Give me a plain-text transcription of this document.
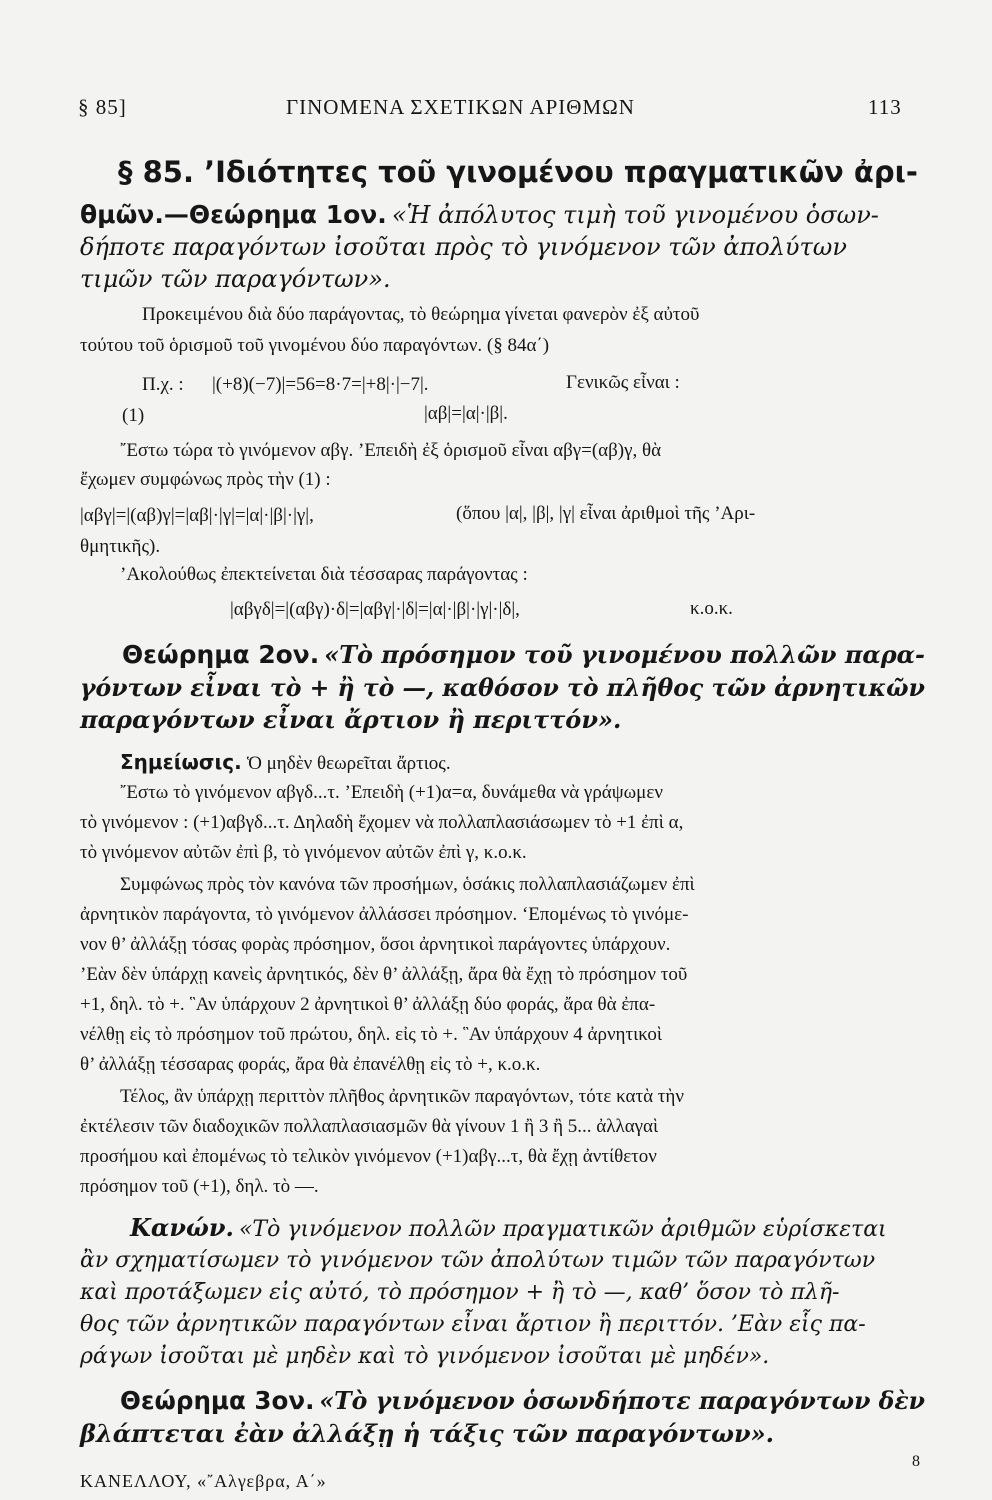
§ 85]	ΓΙΝΟΜΕΝΑ ΣΧΕΤΙΚΩΝ ΑΡΙΘΜΩΝ	113
§ 85. ’Ιδιότητες τοῦ γινομένου πραγματικῶν ἀρι-
θμῶν.—Θεώρημα 1ον. «Ἡ ἀπόλυτος τιμὴ τοῦ γινομένου ὁσων-
δήποτε παραγόντων ἰσοῦται πρὸς τὸ γινόμενον τῶν ἀπολύτων
τιμῶν τῶν παραγόντων».
Προκειμένου διὰ δύο παράγοντας, τὸ θεώρημα γίνεται φανερὸν ἐξ αὐτοῦ
τούτου τοῦ ὁρισμοῦ τοῦ γινομένου δύο παραγόντων. (§ 84α΄)
Π.χ. : |(+8)(−7)|=56=8·7=|+8|·|−7|.	Γενικῶς εἶναι :
(1)	|αβ|=|α|·|β|.
῎Εστω τώρα τὸ γινόμενον αβγ. ’Επειδὴ ἐξ ὁρισμοῦ εἶναι αβγ=(αβ)γ, θὰ
ἔχωμεν συμφώνως πρὸς τὴν (1) :
|αβγ|=|(αβ)γ|=|αβ|·|γ|=|α|·|β|·|γ|,	(ὅπου |α|, |β|, |γ| εἶναι ἀριθμοὶ τῆς ’Αρι-
θμητικῆς).
’Ακολούθως ἐπεκτείνεται διὰ τέσσαρας παράγοντας :
|αβγδ|=|(αβγ)·δ|=|αβγ|·|δ|=|α|·|β|·|γ|·|δ|,	κ.ο.κ.
Θεώρημα 2ον. «Τὸ πρόσημον τοῦ γινομένου πολλῶν παρα-
γόντων εἶναι τὸ + ἢ τὸ —, καθόσον τὸ πλῆθος τῶν ἀρνητικῶν
παραγόντων εἶναι ἄρτιον ἢ περιττόν».
Σημείωσις. Ὁ μηδὲν θεωρεῖται ἄρτιος.
῎Εστω τὸ γινόμενον αβγδ...τ. ’Επειδὴ (+1)α=α, δυνάμεθα νὰ γράψωμεν
τὸ γινόμενον : (+1)αβγδ...τ. Δηλαδὴ ἔχομεν νὰ πολλαπλασιάσωμεν τὸ +1 ἐπὶ α,
τὸ γινόμενον αὐτῶν ἐπὶ β, τὸ γινόμενον αὐτῶν ἐπὶ γ, κ.ο.κ.
Συμφώνως πρὸς τὸν κανόνα τῶν προσήμων, ὁσάκις πολλαπλασιάζωμεν ἐπὶ
ἀρνητικὸν παράγοντα, τὸ γινόμενον ἀλλάσσει πρόσημον. ‘Επομένως τὸ γινόμε-
νον θ’ ἀλλάξῃ τόσας φορὰς πρόσημον, ὅσοι ἀρνητικοὶ παράγοντες ὑπάρχουν.
’Εὰν δὲν ὑπάρχῃ κανεὶς ἀρνητικός, δὲν θ’ ἀλλάξῃ, ἄρα θὰ ἔχῃ τὸ πρόσημον τοῦ
+1, δηλ. τὸ +. ῝Αν ὑπάρχουν 2 ἀρνητικοὶ θ’ ἀλλάξῃ δύο φοράς, ἄρα θὰ ἐπα-
νέλθῃ εἰς τὸ πρόσημον τοῦ πρώτου, δηλ. εἰς τὸ +. ῝Αν ὑπάρχουν 4 ἀρνητικοὶ
θ’ ἀλλάξῃ τέσσαρας φοράς, ἄρα θὰ ἐπανέλθῃ εἰς τὸ +, κ.ο.κ.
Τέλος, ἂν ὑπάρχῃ περιττὸν πλῆθος ἀρνητικῶν παραγόντων, τότε κατὰ τὴν
ἐκτέλεσιν τῶν διαδοχικῶν πολλαπλασιασμῶν θὰ γίνουν 1 ἢ 3 ἢ 5... ἀλλαγαὶ
προσήμου καὶ ἐπομένως τὸ τελικὸν γινόμενον (+1)αβγ...τ, θὰ ἔχῃ ἀντίθετον
πρόσημον τοῦ (+1), δηλ. τὸ —.
Κανών. «Τὸ γινόμενον πολλῶν πραγματικῶν ἀριθμῶν εὑρίσκεται
ἂν σχηματίσωμεν τὸ γινόμενον τῶν ἀπολύτων τιμῶν τῶν παραγόντων
καὶ προτάξωμεν εἰς αὐτό, τὸ πρόσημον + ἢ τὸ —, καθ’ ὅσον τὸ πλῆ-
θος τῶν ἀρνητικῶν παραγόντων εἶναι ἄρτιον ἢ περιττόν. ’Εὰν εἷς πα-
ράγων ἰσοῦται μὲ μηδὲν καὶ τὸ γινόμενον ἰσοῦται μὲ μηδέν».
Θεώρημα 3ον. «Τὸ γινόμενον ὁσωνδήποτε παραγόντων δὲν
βλάπτεται ἐὰν ἀλλάξῃ ἡ τάξις τῶν παραγόντων».
8
ΚΑΝΕΛΛΟΥ, «῎Αλγεβρα, Α΄»
